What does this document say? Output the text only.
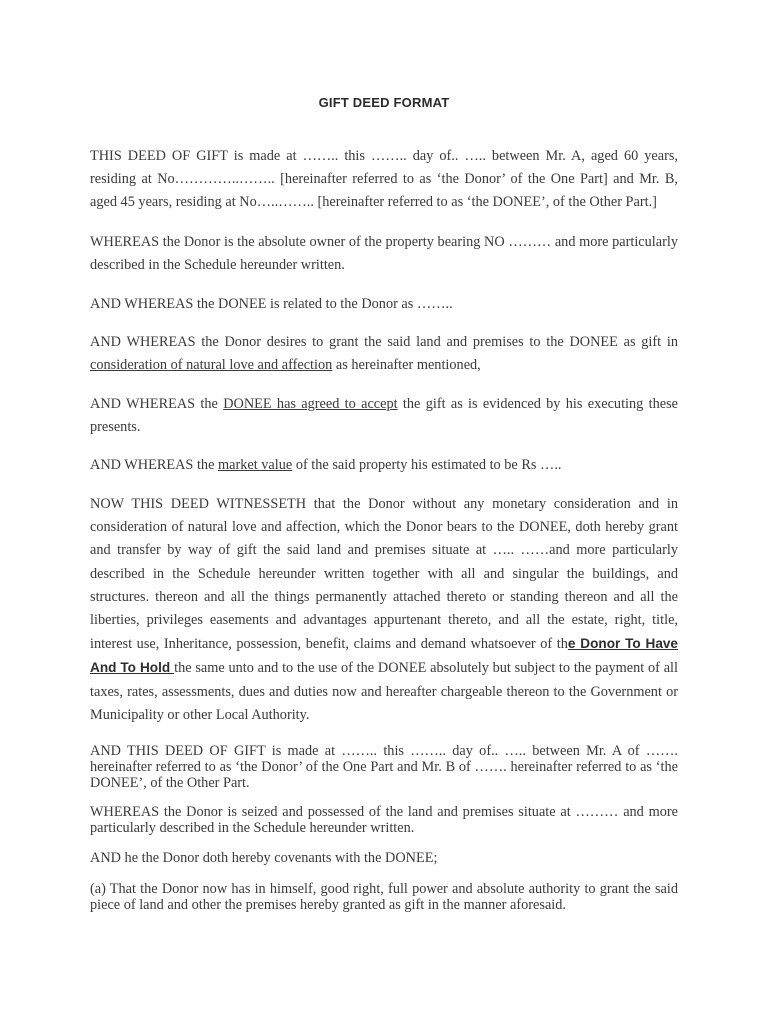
GIFT DEED FORMAT

THIS DEED OF GIFT is made at …….. this …….. day of.. ….. between Mr. A, aged 60 years, residing at No…………..…….. [hereinafter referred to as ‘the Donor’ of the One Part] and Mr. B, aged 45 years, residing at No…..…….. [hereinafter referred to as ‘the DONEE’, of the Other Part.]

WHEREAS the Donor is the absolute owner of the property bearing NO ……… and more particularly described in the Schedule hereunder written.

AND WHEREAS the DONEE is related to the Donor as ……..

AND WHEREAS the Donor desires to grant the said land and premises to the DONEE as gift in consideration of natural love and affection as hereinafter mentioned,

AND WHEREAS the DONEE has agreed to accept the gift as is evidenced by his executing these presents.

AND WHEREAS the market value of the said property his estimated to be Rs …..

NOW THIS DEED WITNESSETH that the Donor without any monetary consideration and in consideration of natural love and affection, which the Donor bears to the DONEE, doth hereby grant and transfer by way of gift the said land and premises situate at ….. ……and more particularly described in the Schedule hereunder written together with all and singular the buildings, and structures. thereon and all the things permanently attached thereto or standing thereon and all the liberties, privileges easements and advantages appurtenant thereto, and all the estate, right, title, interest use, Inheritance, possession, benefit, claims and demand whatsoever of the Donor To Have And To Hold the same unto and to the use of the DONEE absolutely but subject to the payment of all taxes, rates, assessments, dues and duties now and hereafter chargeable thereon to the Government or Municipality or other Local Authority.

AND THIS DEED OF GIFT is made at …….. this …….. day of.. ….. between Mr. A of ……. hereinafter referred to as ‘the Donor’ of the One Part and Mr. B of ……. hereinafter referred to as ‘the DONEE’, of the Other Part.

WHEREAS the Donor is seized and possessed of the land and premises situate at ……… and more particularly described in the Schedule hereunder written.

AND he the Donor doth hereby covenants with the DONEE;

(a) That the Donor now has in himself, good right, full power and absolute authority to grant the said piece of land and other the premises hereby granted as gift in the manner aforesaid.
